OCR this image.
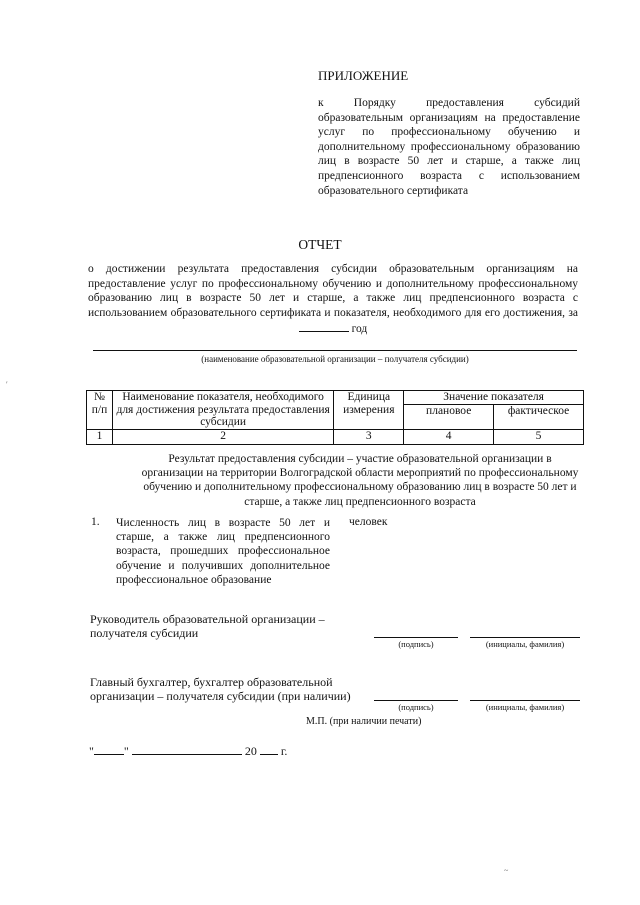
ПРИЛОЖЕНИЕ
к Порядку предоставления субсидий образовательным организациям на предоставление услуг по профессиональному обучению и дополнительному профессиональному образованию лиц в возрасте 50 лет и старше, а также лиц предпенсионного возраста с использованием образовательного сертификата
ОТЧЕТ
о достижении результата предоставления субсидии образовательным организациям на предоставление услуг по профессиональному обучению и дополнительному профессиональному образованию лиц в возрасте 50 лет и старше, а также лиц предпенсионного возраста с использованием образовательного сертификата и показателя, необходимого для его достижения, за  год
(наименование образовательной организации – получателя субсидии)
№ п/п	Наименование показателя, необходимого для достижения результата предоставления субсидии	Единица измерения	Значение показателя	
			плановое	фактическое
1	2	3	4	5
Результат предоставления субсидии – участие образовательной организации в организации на территории Волгоградской области мероприятий по профессиональному обучению и дополнительному профессиональному образованию лиц в возрасте 50 лет и старше, а также лиц предпенсионного возраста
1. Численность лиц в возрасте 50 лет и старше, а также лиц предпенсионного возраста, прошедших профессиональное обучение и получивших дополнительное профессиональное образование
человек
Руководитель образовательной организации – получателя субсидии
(подпись)	(инициалы, фамилия)
Главный бухгалтер, бухгалтер образовательной организации – получателя субсидии (при наличии)
(подпись)	(инициалы, фамилия)
М.П. (при наличии печати)
"	"	20 г.
′
~
